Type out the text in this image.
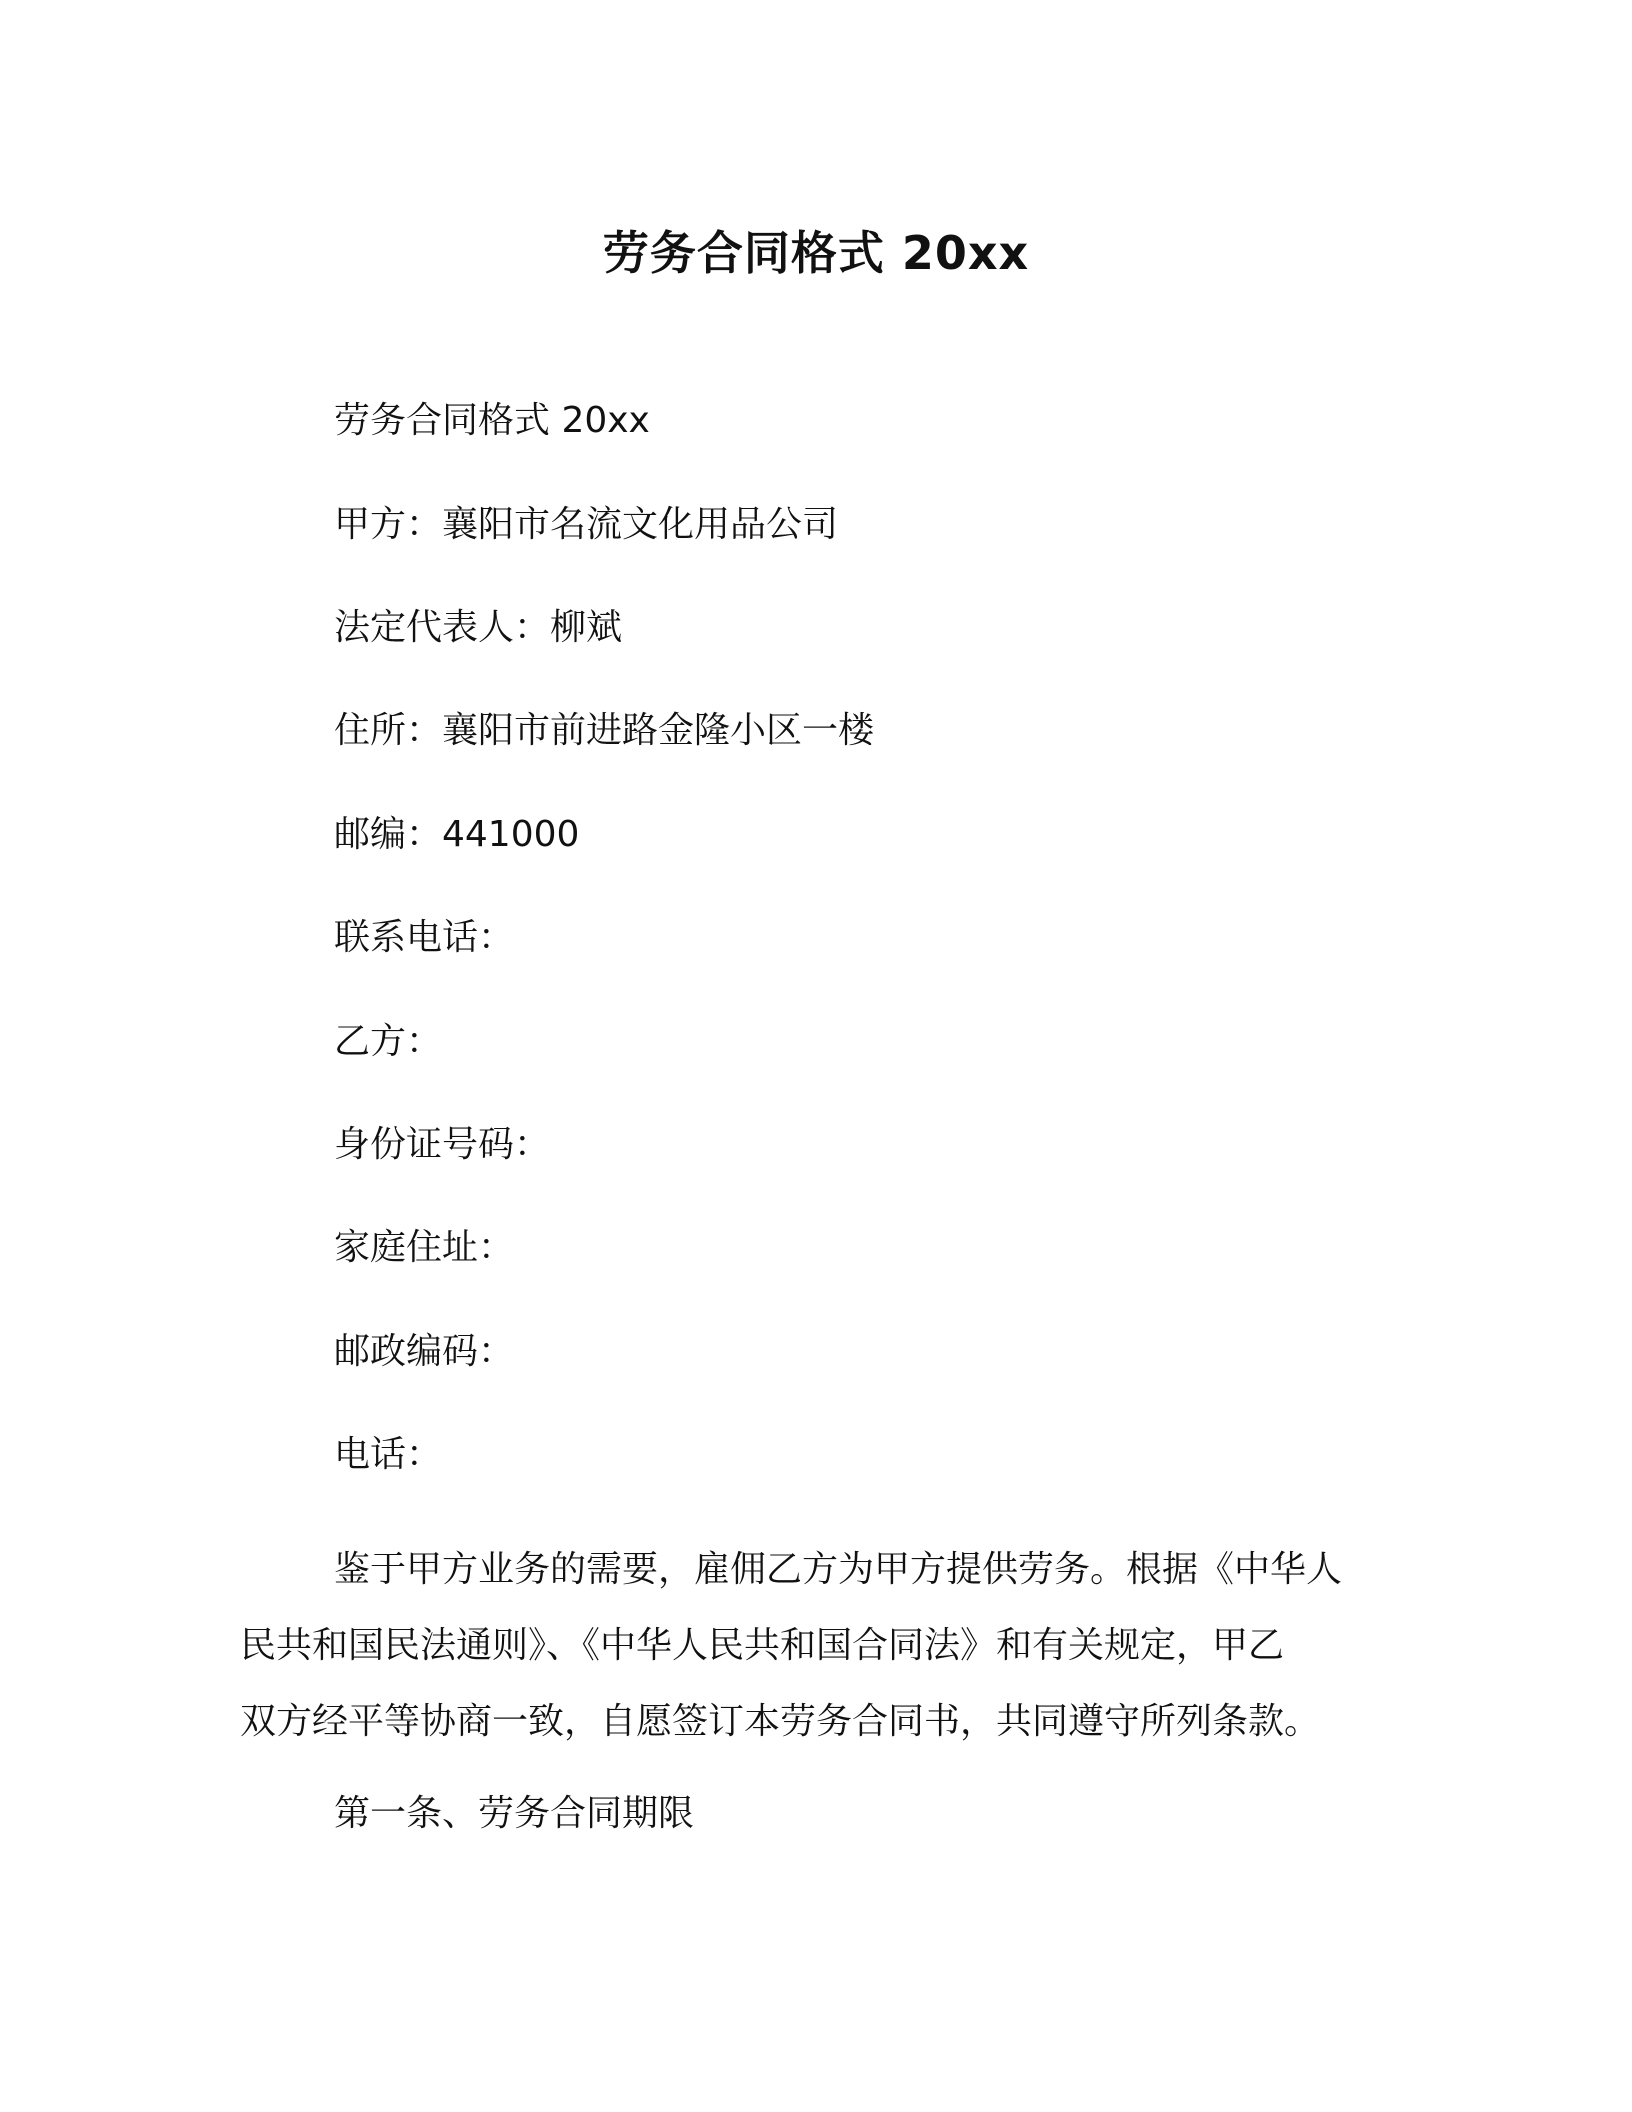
劳务合同格式 20xx
劳务合同格式 20xx
甲方：襄阳市名流文化用品公司
法定代表人：柳斌
住所：襄阳市前进路金隆小区一楼
邮编：441000
联系电话：
乙方：
身份证号码：
家庭住址：
邮政编码：
电话：
鉴于甲方业务的需要，雇佣乙方为甲方提供劳务。根据《中华人
民共和国民法通则》、《中华人民共和国合同法》和有关规定，甲乙
双方经平等协商一致，自愿签订本劳务合同书，共同遵守所列条款。
第一条、劳务合同期限
